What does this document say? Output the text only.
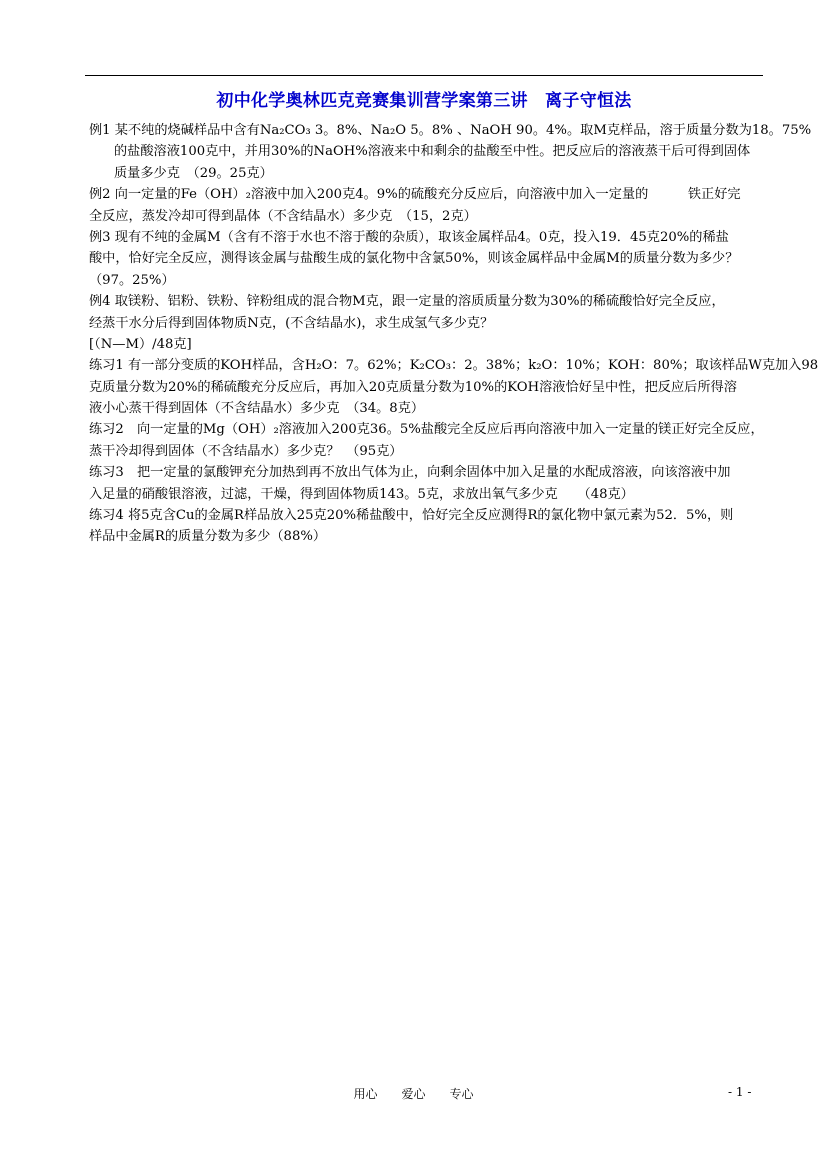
初中化学奥林匹克竞赛集训营学案第三讲　离子守恒法
例1 某不纯的烧碱样品中含有Na₂CO₃ 3。8%、Na₂O 5。8% 、NaOH 90。4%。取M克样品，溶于质量分数为18。75%
的盐酸溶液100克中，并用30%的NaOH%溶液来中和剩余的盐酸至中性。把反应后的溶液蒸干后可得到固体
质量多少克　（29。25克）
例2 向一定量的Fe（OH）₂溶液中加入200克4。9%的硫酸充分反应后，向溶液中加入一定量的　　　铁正好完
全反应，蒸发冷却可得到晶体（不含结晶水）多少克　（15，2克）
例3 现有不纯的金属M（含有不溶于水也不溶于酸的杂质），取该金属样品4。0克，投入19．45克20%的稀盐
酸中，恰好完全反应，测得该金属与盐酸生成的氯化物中含氯50%，则该金属样品中金属M的质量分数为多少？
（97。25%）
例4 取镁粉、铝粉、铁粉、锌粉组成的混合物M克，跟一定量的溶质质量分数为30%的稀硫酸恰好完全反应，
经蒸干水分后得到固体物质N克，(不含结晶水)，求生成氢气多少克？
[（N—M）/48克]
练习1 有一部分变质的KOH样品，含H₂O：7。62%；K₂CO₃：2。38%；k₂O：10%；KOH：80%；取该样品W克加入98
克质量分数为20%的稀硫酸充分反应后，再加入20克质量分数为10%的KOH溶液恰好呈中性，把反应后所得溶
液小心蒸干得到固体（不含结晶水）多少克　（34。8克）
练习2　向一定量的Mg（OH）₂溶液加入200克36。5%盐酸完全反应后再向溶液中加入一定量的镁正好完全反应，
蒸干冷却得到固体（不含结晶水）多少克？　（95克）
练习3　把一定量的氯酸钾充分加热到再不放出气体为止，向剩余固体中加入足量的水配成溶液，向该溶液中加
入足量的硝酸银溶液，过滤，干燥，得到固体物质143。5克，求放出氧气多少克　　（48克）
练习4 将5克含Cu的金属R样品放入25克20%稀盐酸中，恰好完全反应测得R的氯化物中氯元素为52．5%，则
样品中金属R的质量分数为多少（88%）
用心　　爱心　　专心	- 1 -
